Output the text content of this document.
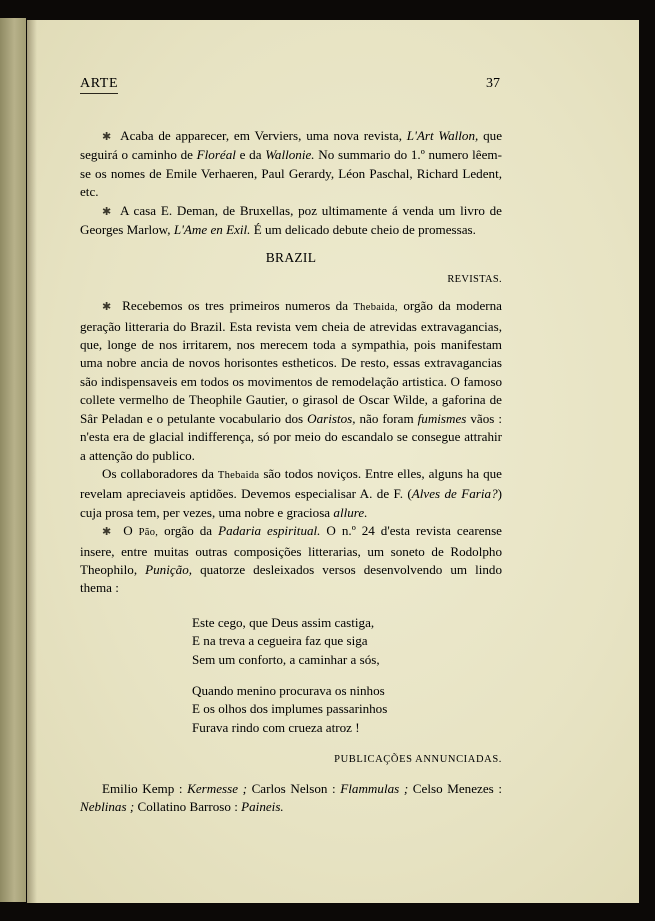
ARTE	37

✱ Acaba de apparecer, em Verviers, uma nova revista, L'Art Wallon, que seguirá o caminho de Floréal e da Wallonie. No summario do 1.º numero lêem-se os nomes de Emile Verhaeren, Paul Gerardy, Léon Paschal, Richard Ledent, etc.

✱ A casa E. Deman, de Bruxellas, poz ultimamente á venda um livro de Georges Marlow, L'Ame en Exil. É um delicado debute cheio de promessas.

BRAZIL
REVISTAS.

✱ Recebemos os tres primeiros numeros da Thebaida, orgão da moderna geração litteraria do Brazil. Esta revista vem cheia de atrevidas extravagancias, que, longe de nos irritarem, nos merecem toda a sympathia, pois manifestam uma nobre ancia de novos horisontes estheticos. De resto, essas extravagancias são indispensaveis em todos os movimentos de remodelação artistica. O famoso collete vermelho de Theophile Gautier, o girasol de Oscar Wilde, a gaforina de Sâr Peladan e o petulante vocabulario dos Oaristos, não foram fumismes vãos : n'esta era de glacial indifferença, só por meio do escandalo se consegue attrahir a attenção do publico.

Os collaboradores da Thebaida são todos noviços. Entre elles, alguns ha que revelam apreciaveis aptidões. Devemos especialisar A. de F. (Alves de Faria?) cuja prosa tem, per vezes, uma nobre e graciosa allure.

✱ O Pão, orgão da Padaria espiritual. O n.º 24 d'esta revista cearense insere, entre muitas outras composições litterarias, um soneto de Rodolpho Theophilo, Punição, quatorze desleixados versos desenvolvendo um lindo thema :

Este cego, que Deus assim castiga,
E na treva a cegueira faz que siga
Sem um conforto, a caminhar a sós,
Quando menino procurava os ninhos
E os olhos dos implumes passarinhos
Furava rindo com crueza atroz !
PUBLICAÇÕES ANNUNCIADAS.

Emilio Kemp : Kermesse ; Carlos Nelson : Flammulas ; Celso Menezes : Neblinas ; Collatino Barroso : Paineis.
